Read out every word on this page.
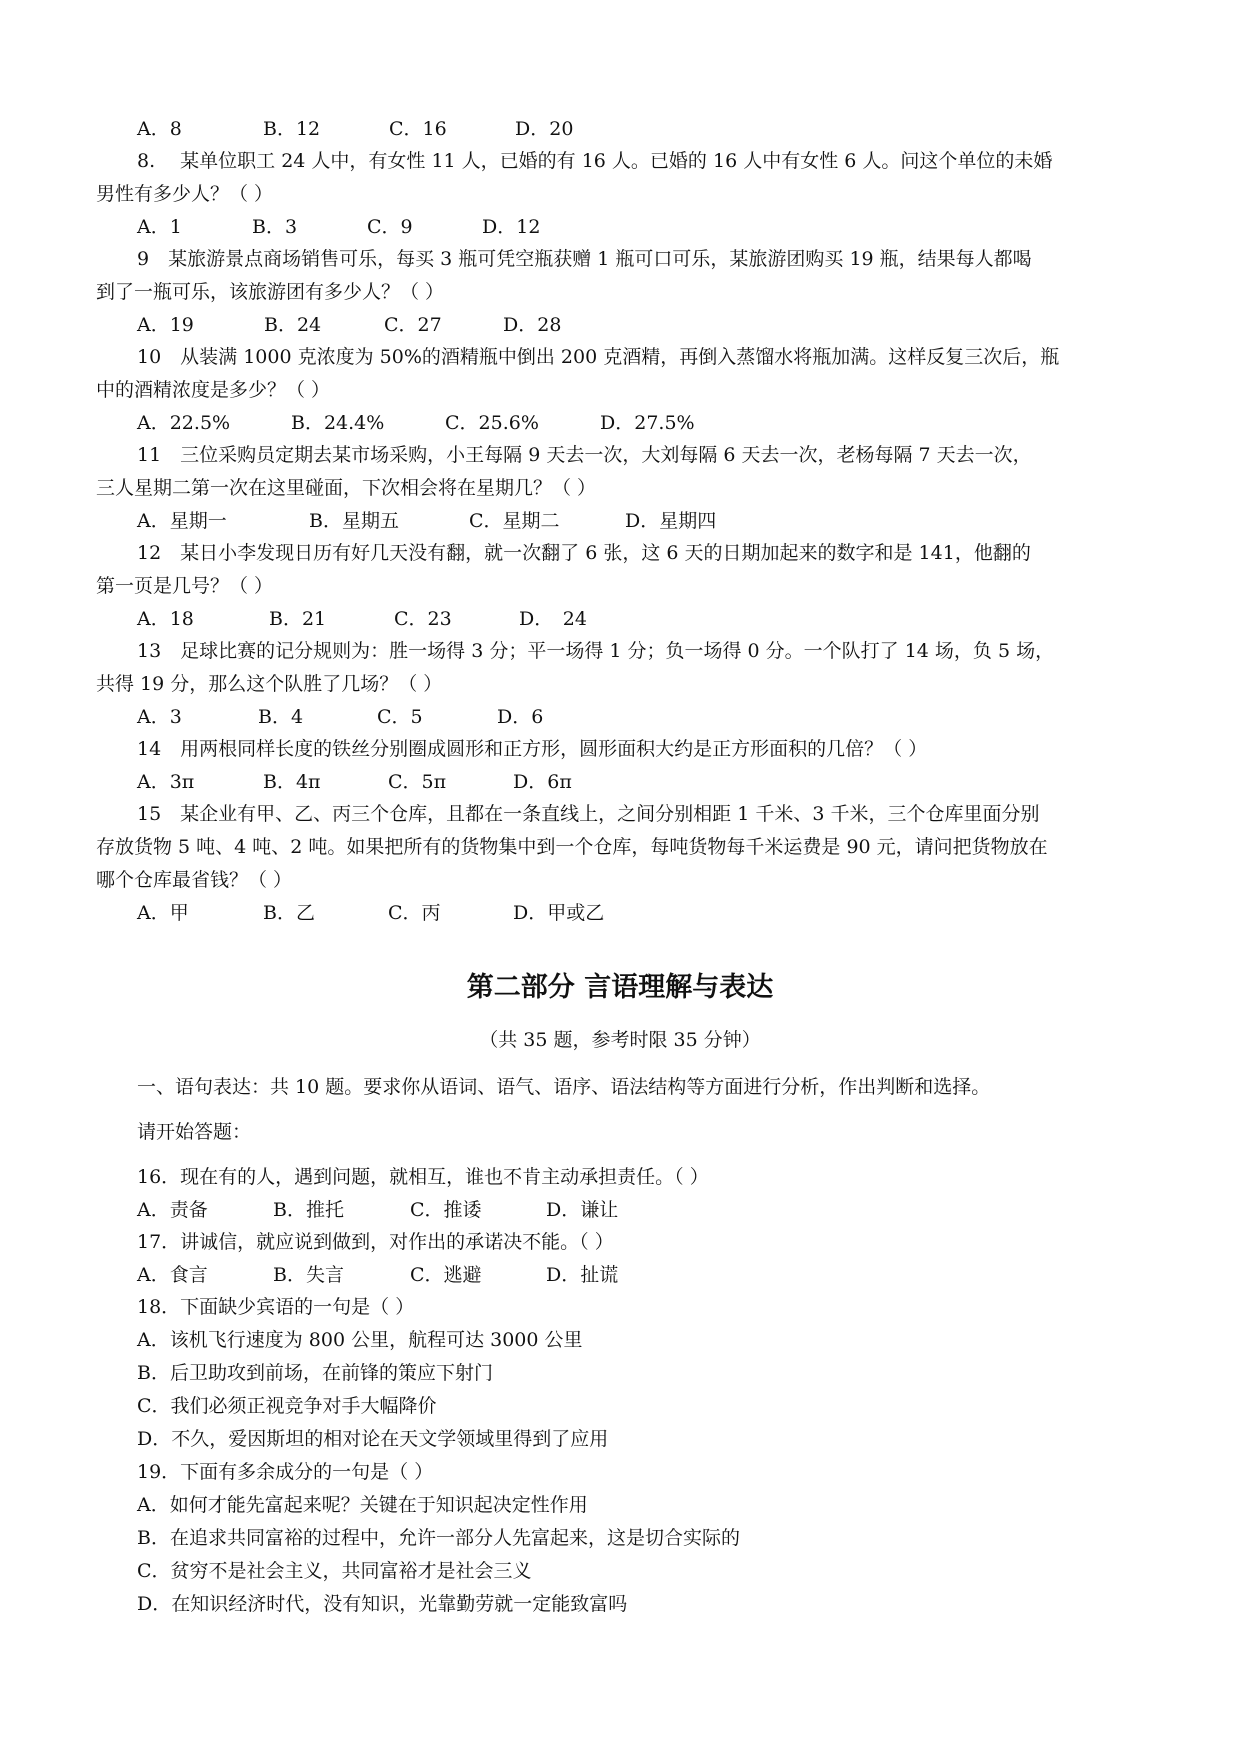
A．8	B．12	C．16	D．20
8.　 某单位职工 24 人中，有女性 11 人，已婚的有 16 人。已婚的 16 人中有女性 6 人。问这个单位的未婚
男性有多少人？（ ）
A．1	B．3	C．9	D．12
9　某旅游景点商场销售可乐，每买 3 瓶可凭空瓶获赠 1 瓶可口可乐，某旅游团购买 19 瓶，结果每人都喝
到了一瓶可乐，该旅游团有多少人？（ ）
A．19	B．24	C．27	D．28
10　从装满 1000 克浓度为 50%的酒精瓶中倒出 200 克酒精，再倒入蒸馏水将瓶加满。这样反复三次后，瓶
中的酒精浓度是多少？（ ）
A．22.5%	B．24.4%	C．25.6%	D．27.5%
11　三位采购员定期去某市场采购，小王每隔 9 天去一次，大刘每隔 6 天去一次，老杨每隔 7 天去一次，
三人星期二第一次在这里碰面，下次相会将在星期几？（ ）
A．星期一	B．星期五	C．星期二	D．星期四
12　某日小李发现日历有好几天没有翻，就一次翻了 6 张，这 6 天的日期加起来的数字和是 141，他翻的
第一页是几号？（ ）
A．18	B．21	C．23	D．　24
13　足球比赛的记分规则为：胜一场得 3 分；平一场得 1 分；负一场得 0 分。一个队打了 14 场，负 5 场，
共得 19 分，那么这个队胜了几场？（ ）
A．3	B．4	C．5	D．6
14　用两根同样长度的铁丝分别圈成圆形和正方形，圆形面积大约是正方形面积的几倍？（ ）
A．3π	B．4π	C．5π	D．6π
15　某企业有甲、乙、丙三个仓库，且都在一条直线上，之间分别相距 1 千米、3 千米，三个仓库里面分别
存放货物 5 吨、4 吨、2 吨。如果把所有的货物集中到一个仓库，每吨货物每千米运费是 90 元，请问把货物放在
哪个仓库最省钱？（ ）
A．甲	B．乙	C．丙	D．甲或乙
第二部分 言语理解与表达
（共 35 题，参考时限 35 分钟）
一、语句表达：共 10 题。要求你从语词、语气、语序、语法结构等方面进行分析，作出判断和选择。
请开始答题：
16．现在有的人，遇到问题，就相互，谁也不肯主动承担责任。（ ）
A．责备	B．推托	C．推诿	D．谦让
17．讲诚信，就应说到做到，对作出的承诺决不能。（ ）
A．食言	B．失言	C．逃避	D．扯谎
18．下面缺少宾语的一句是（ ）
A．该机飞行速度为 800 公里，航程可达 3000 公里
B．后卫助攻到前场，在前锋的策应下射门
C．我们必须正视竞争对手大幅降价
D．不久，爱因斯坦的相对论在天文学领域里得到了应用
19．下面有多余成分的一句是（ ）
A．如何才能先富起来呢？关键在于知识起决定性作用
B．在追求共同富裕的过程中，允许一部分人先富起来，这是切合实际的
C．贫穷不是社会主义，共同富裕才是社会三义
D．在知识经济时代，没有知识，光靠勤劳就一定能致富吗
